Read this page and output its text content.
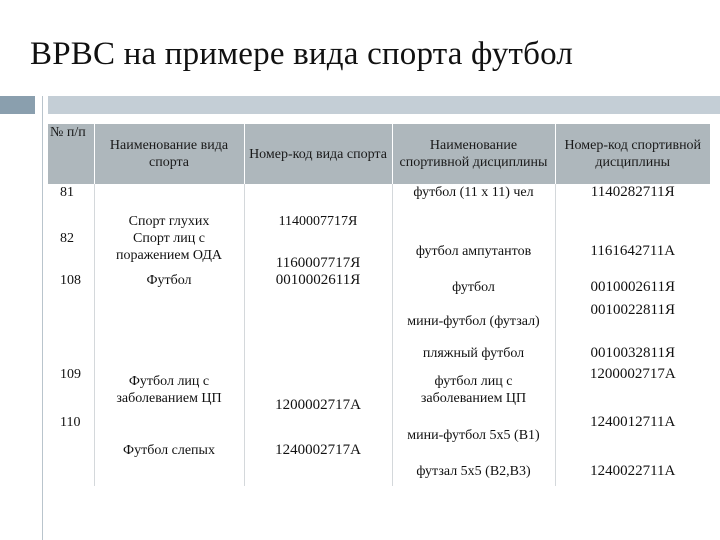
ВРВС на примере вида спорта футбол
№ п/п	Наименование вида спорта	Номер-код вида спорта	Наименование спортивной дисциплины	Номер-код спортивной дисциплины
81	Спорт глухих	1140007717Я	футбол (11 x 11) чел	1140282711Я
82	Спорт лиц с поражением ОДА	1160007717Я	футбол ампутантов	1161642711А
108	Футбол	0010002611Я	футбол	0010002611Я
			мини-футбол (футзал)	0010022811Я
			пляжный футбол	0010032811Я
109	Футбол лиц с заболеванием ЦП	1200002717А	футбол лиц с заболеванием ЦП	1200002717А
110	Футбол слепых	1240002717А	мини-футбол 5x5 (B1)	1240012711А
			футзал 5x5 (B2,B3)	1240022711А
